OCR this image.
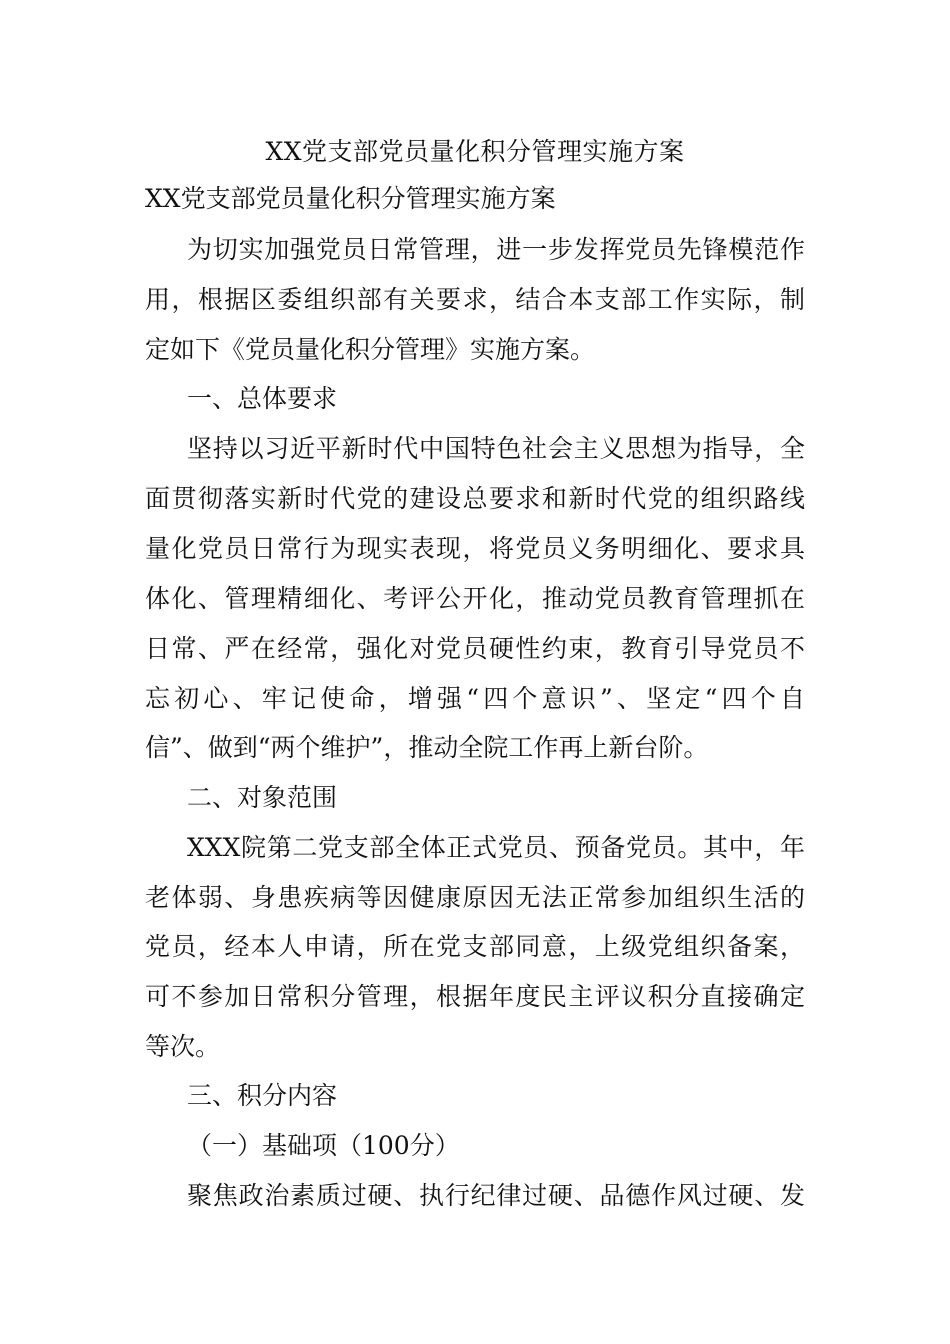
XX党支部党员量化积分管理实施方案
XX党支部党员量化积分管理实施方案
为切实加强党员日常管理，进一步发挥党员先锋模范作
用，根据区委组织部有关要求，结合本支部工作实际，制
定如下《党员量化积分管理》实施方案。
一、总体要求
坚持以习近平新时代中国特色社会主义思想为指导，全
面贯彻落实新时代党的建设总要求和新时代党的组织路线
量化党员日常行为现实表现，将党员义务明细化、要求具
体化、管理精细化、考评公开化，推动党员教育管理抓在
日常、严在经常，强化对党员硬性约束，教育引导党员不
忘初心、牢记使命，增强“四个意识”、坚定“四个自
信”、做到“两个维护”，推动全院工作再上新台阶。
二、对象范围
XXX院第二党支部全体正式党员、预备党员。其中，年
老体弱、身患疾病等因健康原因无法正常参加组织生活的
党员，经本人申请，所在党支部同意，上级党组织备案，
可不参加日常积分管理，根据年度民主评议积分直接确定
等次。
三、积分内容
（一）基础项（100分）
聚焦政治素质过硬、执行纪律过硬、品德作风过硬、发
